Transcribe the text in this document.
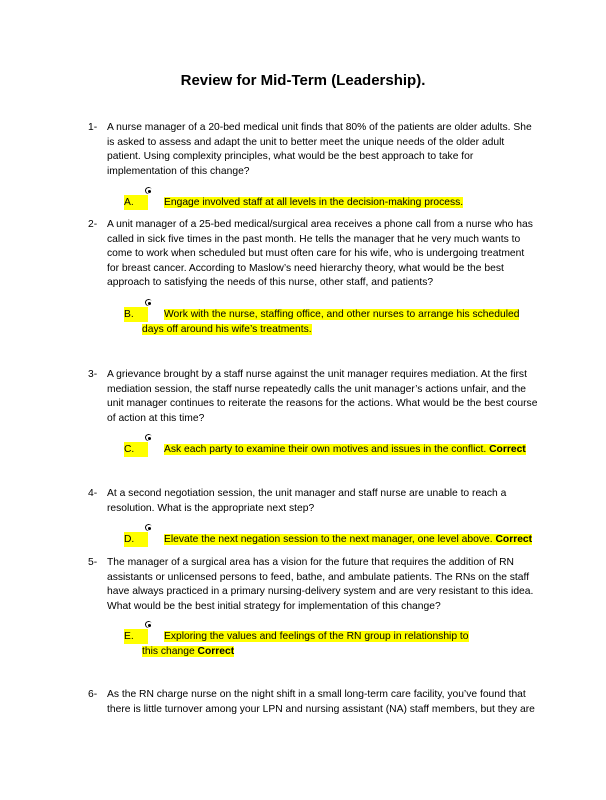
Review for Mid-Term (Leadership).
1- A nurse manager of a 20-bed medical unit finds that 80% of the patients are older adults. She is asked to assess and adapt the unit to better meet the unique needs of the older adult patient. Using complexity principles, what would be the best approach to take for implementation of this change?
A.	Engage involved staff at all levels in the decision-making process.
2- A unit manager of a 25-bed medical/surgical area receives a phone call from a nurse who has called in sick five times in the past month. He tells the manager that he very much wants to come to work when scheduled but must often care for his wife, who is undergoing treatment for breast cancer. According to Maslow’s need hierarchy theory, what would be the best approach to satisfying the needs of this nurse, other staff, and patients?
B.	Work with the nurse, staffing office, and other nurses to arrange his scheduled days off around his wife’s treatments.
3- A grievance brought by a staff nurse against the unit manager requires mediation. At the first mediation session, the staff nurse repeatedly calls the unit manager’s actions unfair, and the unit manager continues to reiterate the reasons for the actions. What would be the best course of action at this time?
C.	Ask each party to examine their own motives and issues in the conflict. Correct
4- At a second negotiation session, the unit manager and staff nurse are unable to reach a resolution. What is the appropriate next step?
D.	Elevate the next negation session to the next manager, one level above. Correct
5- The manager of a surgical area has a vision for the future that requires the addition of RN assistants or unlicensed persons to feed, bathe, and ambulate patients. The RNs on the staff have always practiced in a primary nursing-delivery system and are very resistant to this idea. What would be the best initial strategy for implementation of this change?
E.	Exploring the values and feelings of the RN group in relationship to this change Correct
6- As the RN charge nurse on the night shift in a small long-term care facility, you’ve found that there is little turnover among your LPN and nursing assistant (NA) staff members, but they are
